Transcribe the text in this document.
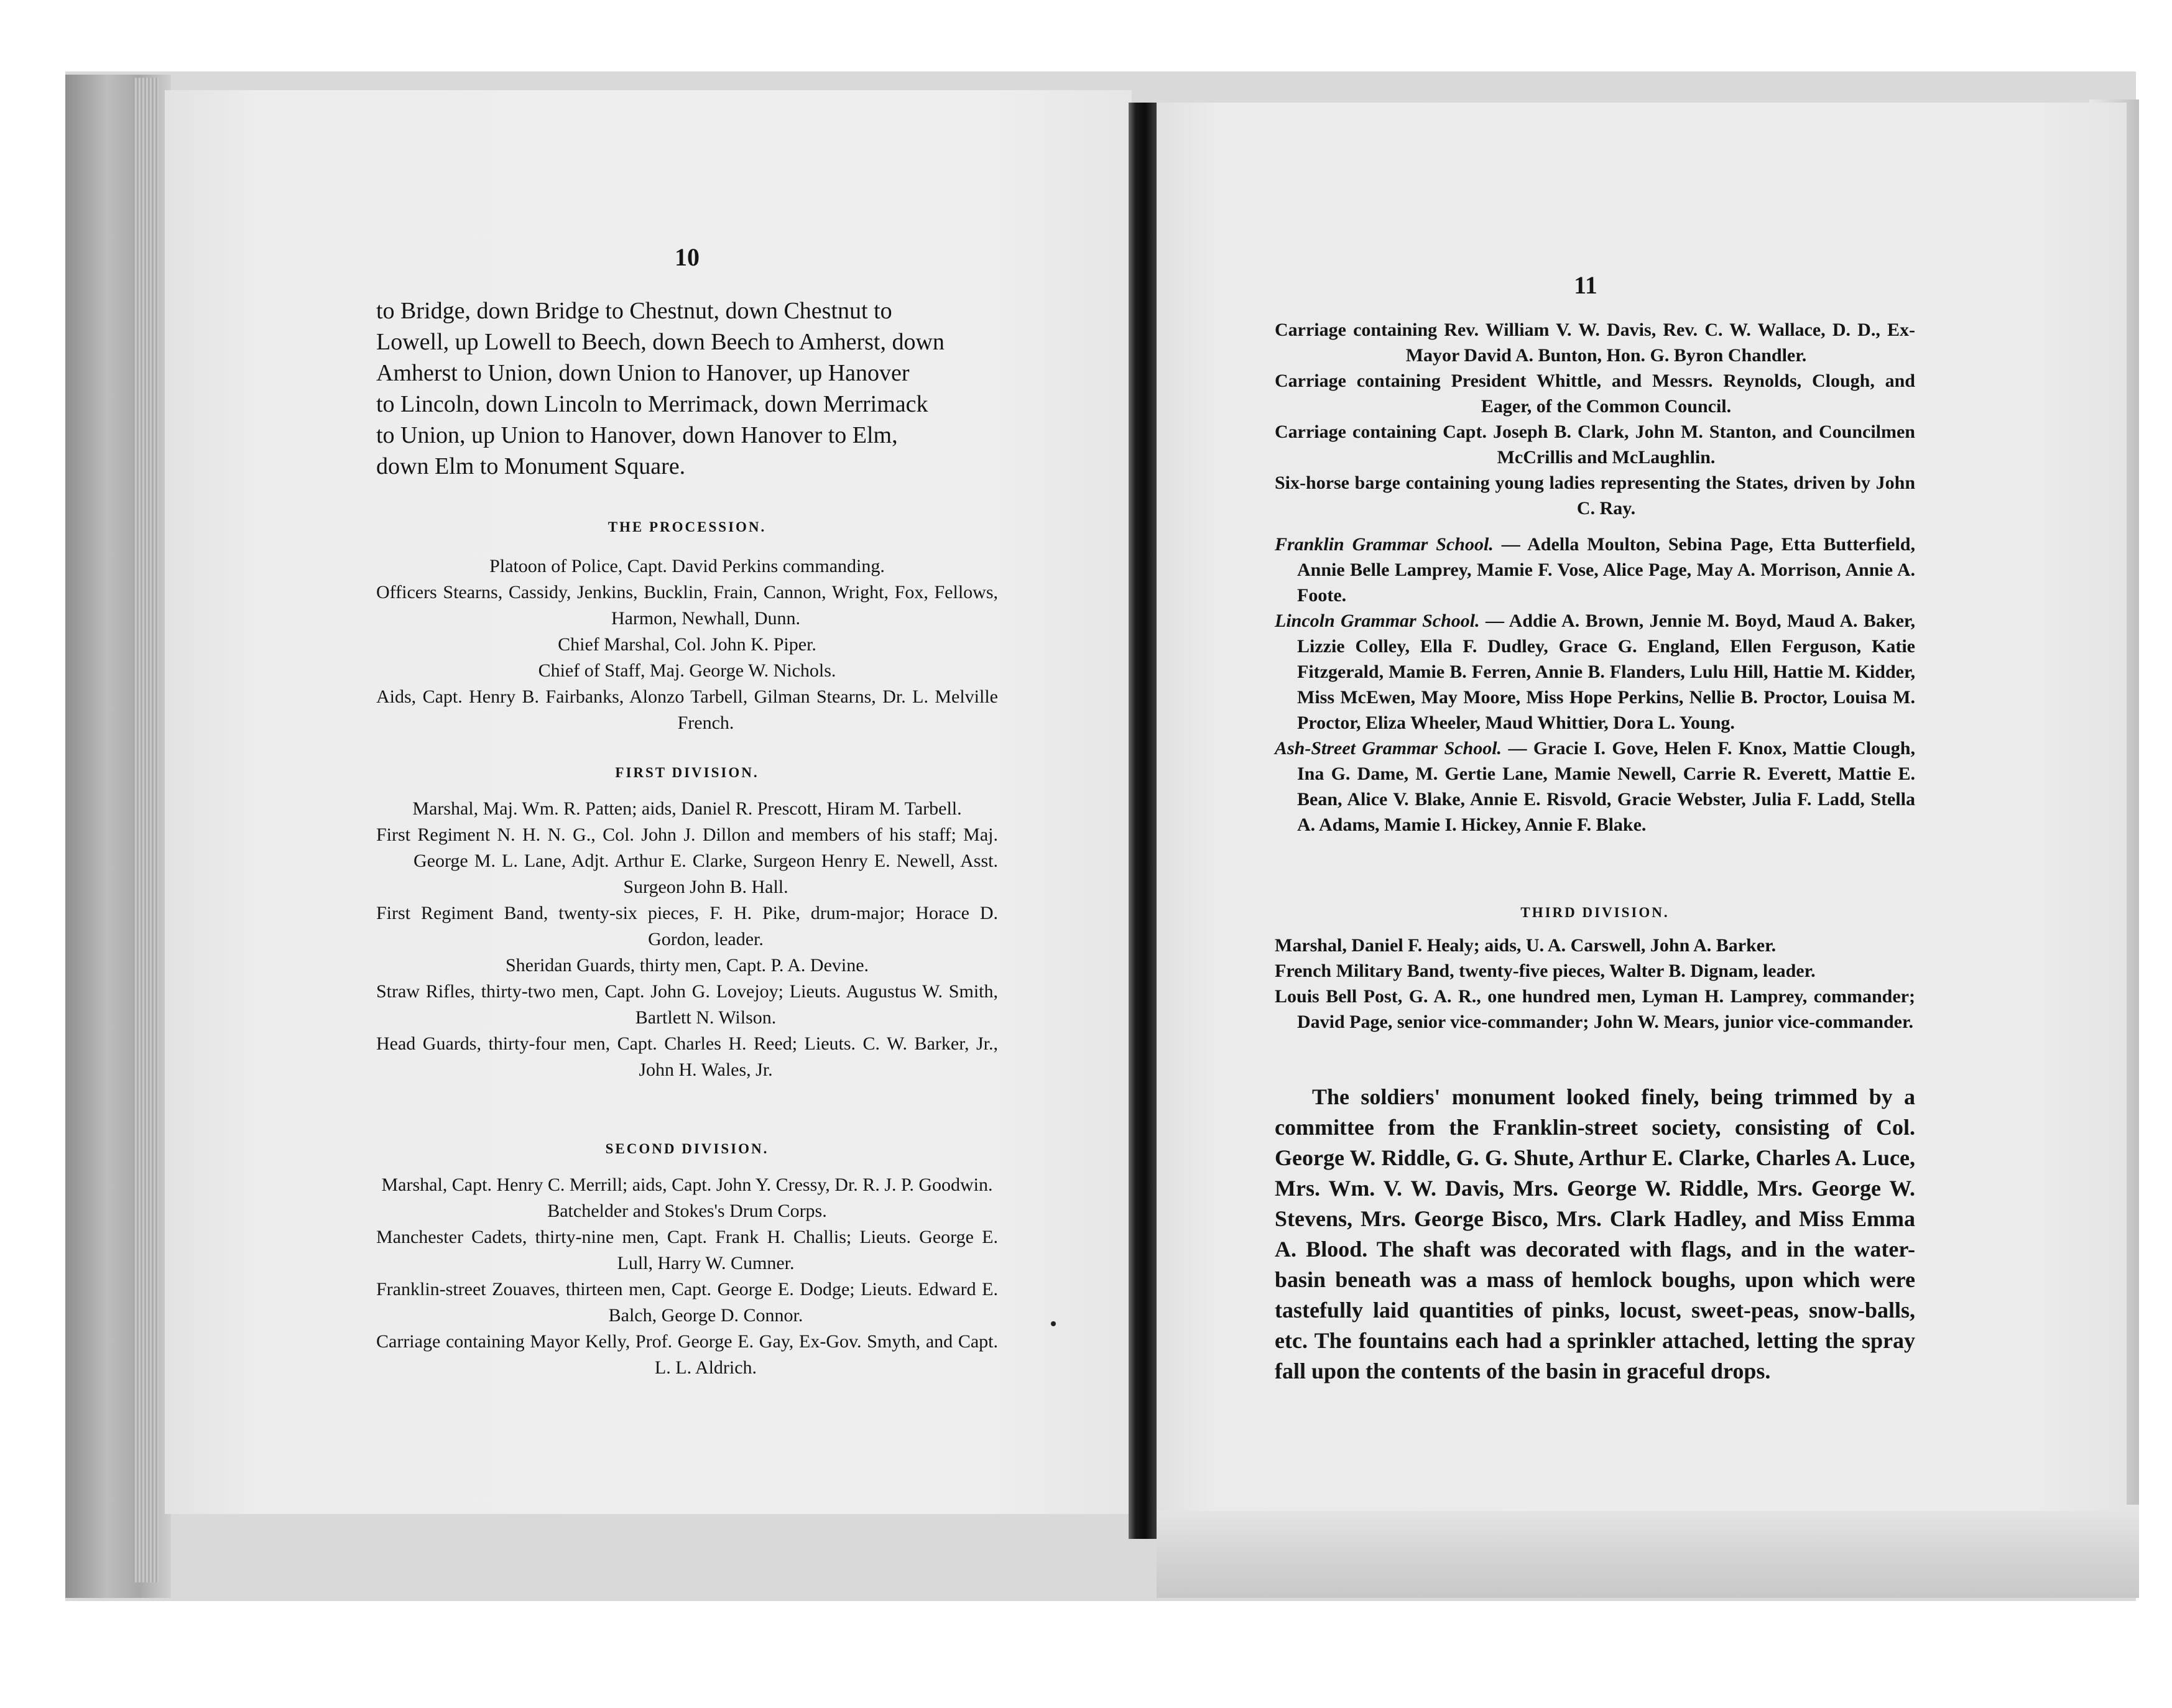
10
to Bridge, down Bridge to Chestnut, down Chestnut to
Lowell, up Lowell to Beech, down Beech to Amherst, down
Amherst to Union, down Union to Hanover, up Hanover
to Lincoln, down Lincoln to Merrimack, down Merrimack
to Union, up Union to Hanover, down Hanover to Elm,
down Elm to Monument Square.
THE PROCESSION.
Platoon of Police, Capt. David Perkins commanding.
Officers Stearns, Cassidy, Jenkins, Bucklin, Frain, Cannon, Wright, Fox, Fellows, Harmon, Newhall, Dunn.
Chief Marshal, Col. John K. Piper.
Chief of Staff, Maj. George W. Nichols.
Aids, Capt. Henry B. Fairbanks, Alonzo Tarbell, Gilman Stearns, Dr. L. Melville French.
FIRST DIVISION.
Marshal, Maj. Wm. R. Patten; aids, Daniel R. Prescott, Hiram M. Tarbell.
First Regiment N. H. N. G., Col. John J. Dillon and members of his staff; Maj. George M. L. Lane, Adjt. Arthur E. Clarke, Surgeon Henry E. Newell, Asst. Surgeon John B. Hall.
First Regiment Band, twenty-six pieces, F. H. Pike, drum-major; Horace D. Gordon, leader.
Sheridan Guards, thirty men, Capt. P. A. Devine.
Straw Rifles, thirty-two men, Capt. John G. Lovejoy; Lieuts. Augustus W. Smith, Bartlett N. Wilson.
Head Guards, thirty-four men, Capt. Charles H. Reed; Lieuts. C. W. Barker, Jr., John H. Wales, Jr.
SECOND DIVISION.
Marshal, Capt. Henry C. Merrill; aids, Capt. John Y. Cressy, Dr. R. J. P. Goodwin.
Batchelder and Stokes's Drum Corps.
Manchester Cadets, thirty-nine men, Capt. Frank H. Challis; Lieuts. George E. Lull, Harry W. Cumner.
Franklin-street Zouaves, thirteen men, Capt. George E. Dodge; Lieuts. Edward E. Balch, George D. Connor.
Carriage containing Mayor Kelly, Prof. George E. Gay, Ex-Gov. Smyth, and Capt. L. L. Aldrich.
11
Carriage containing Rev. William V. W. Davis, Rev. C. W. Wallace, D. D., Ex-Mayor David A. Bunton, Hon. G. Byron Chandler.
Carriage containing President Whittle, and Messrs. Reynolds, Clough, and Eager, of the Common Council.
Carriage containing Capt. Joseph B. Clark, John M. Stanton, and Councilmen McCrillis and McLaughlin.
Six-horse barge containing young ladies representing the States, driven by John C. Ray.
Franklin Grammar School. — Adella Moulton, Sebina Page, Etta Butterfield, Annie Belle Lamprey, Mamie F. Vose, Alice Page, May A. Morrison, Annie A. Foote.
Lincoln Grammar School. — Addie A. Brown, Jennie M. Boyd, Maud A. Baker, Lizzie Colley, Ella F. Dudley, Grace G. England, Ellen Ferguson, Katie Fitzgerald, Mamie B. Ferren, Annie B. Flanders, Lulu Hill, Hattie M. Kidder, Miss McEwen, May Moore, Miss Hope Perkins, Nellie B. Proctor, Louisa M. Proctor, Eliza Wheeler, Maud Whittier, Dora L. Young.
Ash-Street Grammar School. — Gracie I. Gove, Helen F. Knox, Mattie Clough, Ina G. Dame, M. Gertie Lane, Mamie Newell, Carrie R. Everett, Mattie E. Bean, Alice V. Blake, Annie E. Risvold, Gracie Webster, Julia F. Ladd, Stella A. Adams, Mamie I. Hickey, Annie F. Blake.
THIRD DIVISION.
Marshal, Daniel F. Healy; aids, U. A. Carswell, John A. Barker.
French Military Band, twenty-five pieces, Walter B. Dignam, leader.
Louis Bell Post, G. A. R., one hundred men, Lyman H. Lamprey, commander; David Page, senior vice-commander; John W. Mears, junior vice-commander.
The soldiers' monument looked finely, being trimmed by a committee from the Franklin-street society, consisting of Col. George W. Riddle, G. G. Shute, Arthur E. Clarke, Charles A. Luce, Mrs. Wm. V. W. Davis, Mrs. George W. Riddle, Mrs. George W. Stevens, Mrs. George Bisco, Mrs. Clark Hadley, and Miss Emma A. Blood. The shaft was decorated with flags, and in the water-basin beneath was a mass of hemlock boughs, upon which were tastefully laid quantities of pinks, locust, sweet-peas, snow-balls, etc. The fountains each had a sprinkler attached, letting the spray fall upon the contents of the basin in graceful drops.
